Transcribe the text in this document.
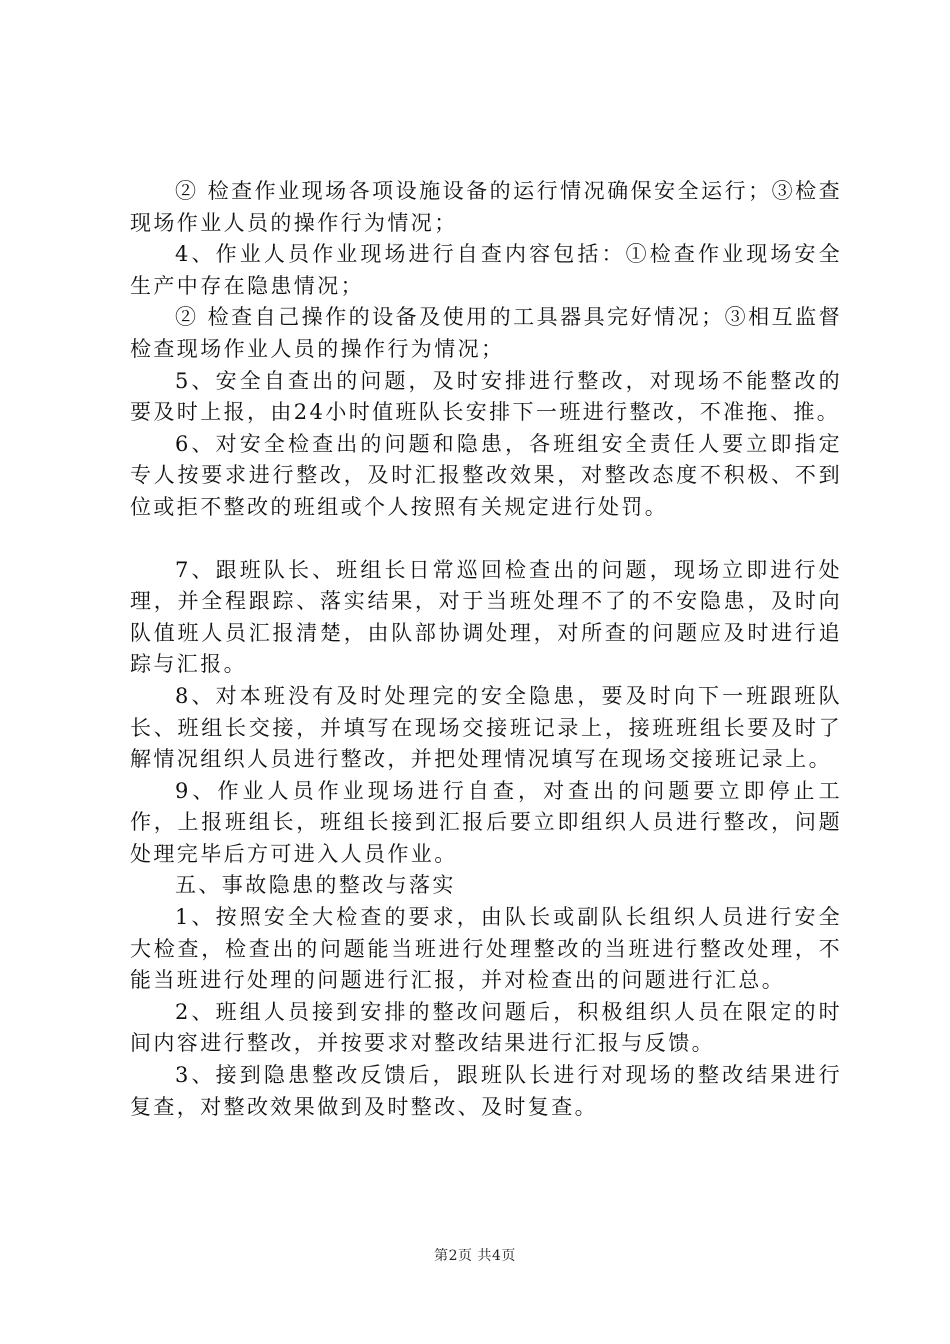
② 检查作业现场各项设施设备的运行情况确保安全运行；③检查现场作业人员的操作行为情况；

4、作业人员作业现场进行自查内容包括：①检查作业现场安全生产中存在隐患情况；

② 检查自己操作的设备及使用的工具器具完好情况；③相互监督检查现场作业人员的操作行为情况；

5、安全自查出的问题，及时安排进行整改，对现场不能整改的要及时上报，由24小时值班队长安排下一班进行整改，不准拖、推。

6、对安全检查出的问题和隐患，各班组安全责任人要立即指定专人按要求进行整改，及时汇报整改效果，对整改态度不积极、不到位或拒不整改的班组或个人按照有关规定进行处罚。

7、跟班队长、班组长日常巡回检查出的问题，现场立即进行处理，并全程跟踪、落实结果，对于当班处理不了的不安隐患，及时向队值班人员汇报清楚，由队部协调处理，对所查的问题应及时进行追踪与汇报。

8、对本班没有及时处理完的安全隐患，要及时向下一班跟班队长、班组长交接，并填写在现场交接班记录上，接班班组长要及时了解情况组织人员进行整改，并把处理情况填写在现场交接班记录上。

9、作业人员作业现场进行自查，对查出的问题要立即停止工作，上报班组长，班组长接到汇报后要立即组织人员进行整改，问题处理完毕后方可进入人员作业。

五、事故隐患的整改与落实

1、按照安全大检查的要求，由队长或副队长组织人员进行安全大检查，检查出的问题能当班进行处理整改的当班进行整改处理，不能当班进行处理的问题进行汇报，并对检查出的问题进行汇总。

2、班组人员接到安排的整改问题后，积极组织人员在限定的时间内容进行整改，并按要求对整改结果进行汇报与反馈。

3、接到隐患整改反馈后，跟班队长进行对现场的整改结果进行复查，对整改效果做到及时整改、及时复查。

第2页 共4页
